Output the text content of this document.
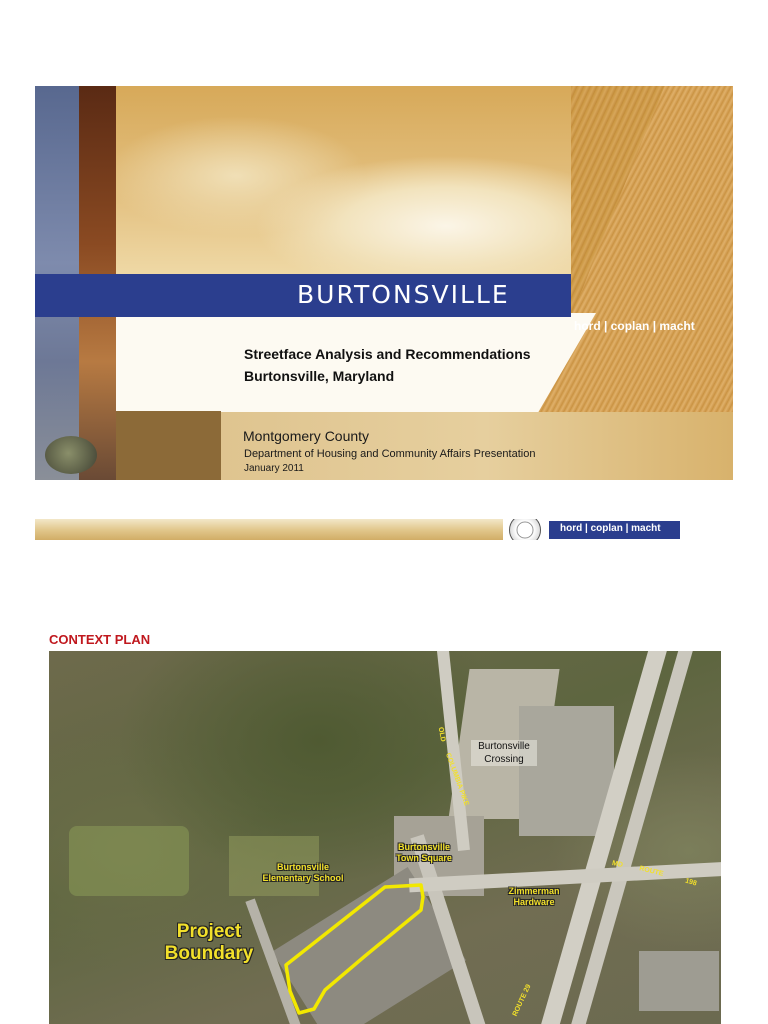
BURTONSVILLE
hord | coplan | macht
Streetface Analysis and Recommendations
Burtonsville, Maryland
Montgomery County
Department of Housing and Community Affairs Presentation
January 2011
hord | coplan | macht
CONTEXT PLAN
Burtonsville
Crossing
Burtonsville
Town Square
Burtonsville
Elementary School
Zimmerman
Hardware
Project
Boundary
OLD
COLUMBIA PIKE
MD
ROUTE
198
ROUTE 29
